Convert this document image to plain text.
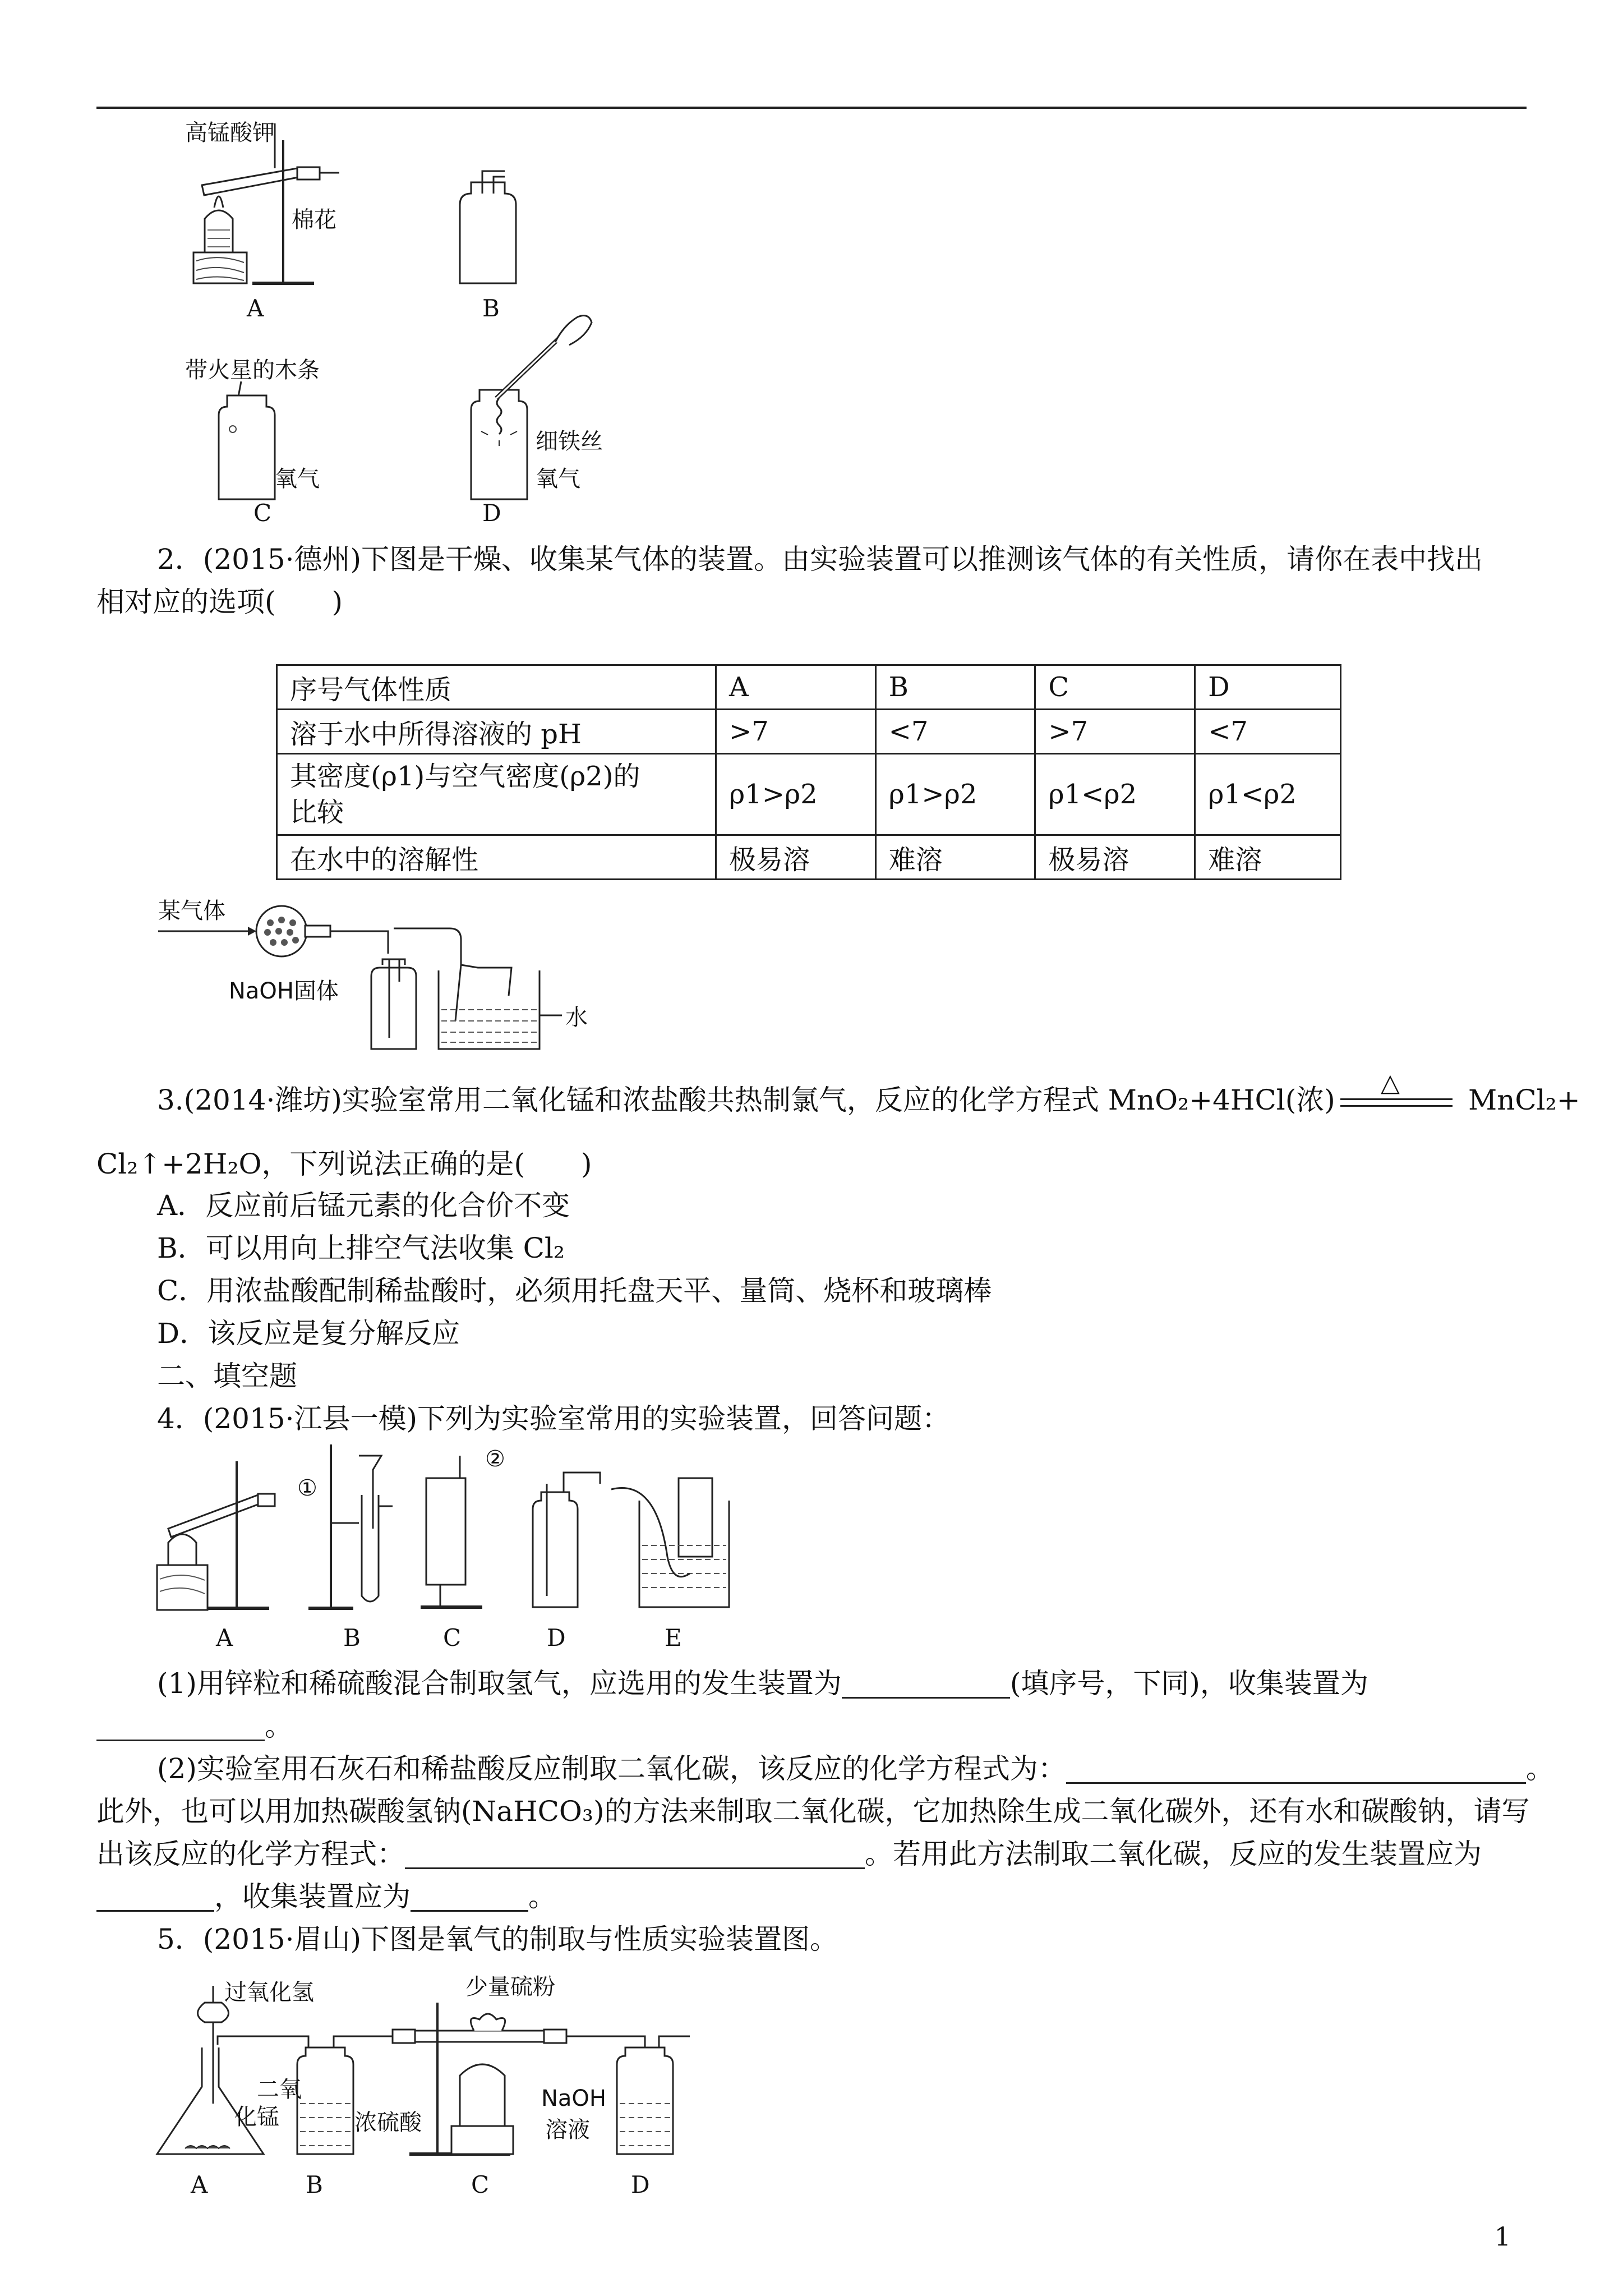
高锰酸钾
棉花
A	B
带火星的木条
氧气
C
细铁丝
氧气
D
2．(2015·德州)下图是干燥、收集某气体的装置。由实验装置可以推测该气体的有关性质，请你在表中找出
相对应的选项(　　)
序号气体性质	A	B	C	D
溶于水中所得溶液的 pH	>7	<7	>7	<7

其密度(ρ1)与空气密度(ρ2)的
比较	ρ1>ρ2	ρ1>ρ2	ρ1<ρ2	ρ1<ρ2
在水中的溶解性	极易溶	难溶	极易溶	难溶
某气体
NaOH固体
水
3.(2014·潍坊)实验室常用二氧化锰和浓盐酸共热制氯气，反应的化学方程式 MnO₂+4HCl(浓)
△
MnCl₂+
Cl₂↑+2H₂O，下列说法正确的是(　　)
A．反应前后锰元素的化合价不变
B．可以用向上排空气法收集 Cl₂
C．用浓盐酸配制稀盐酸时，必须用托盘天平、量筒、烧杯和玻璃棒
D．该反应是复分解反应
二、填空题
4．(2015·江县一模)下列为实验室常用的实验装置，回答问题：
①
②
A	B	C	D	E
(1)用锌粒和稀硫酸混合制取氢气，应选用的发生装置为	(填序号，下同)，收集装置为
。
(2)实验室用石灰石和稀盐酸反应制取二氧化碳，该反应的化学方程式为：	。
此外，也可以用加热碳酸氢钠(NaHCO₃)的方法来制取二氧化碳，它加热除生成二氧化碳外，还有水和碳酸钠，请写
出该反应的化学方程式：	。若用此方法制取二氧化碳，反应的发生装置应为
，收集装置应为	。
5．(2015·眉山)下图是氧气的制取与性质实验装置图。
过氧化氢	少量硫粉
二氧
化锰	浓硫酸
NaOH
溶液
A	B	C	D
1
